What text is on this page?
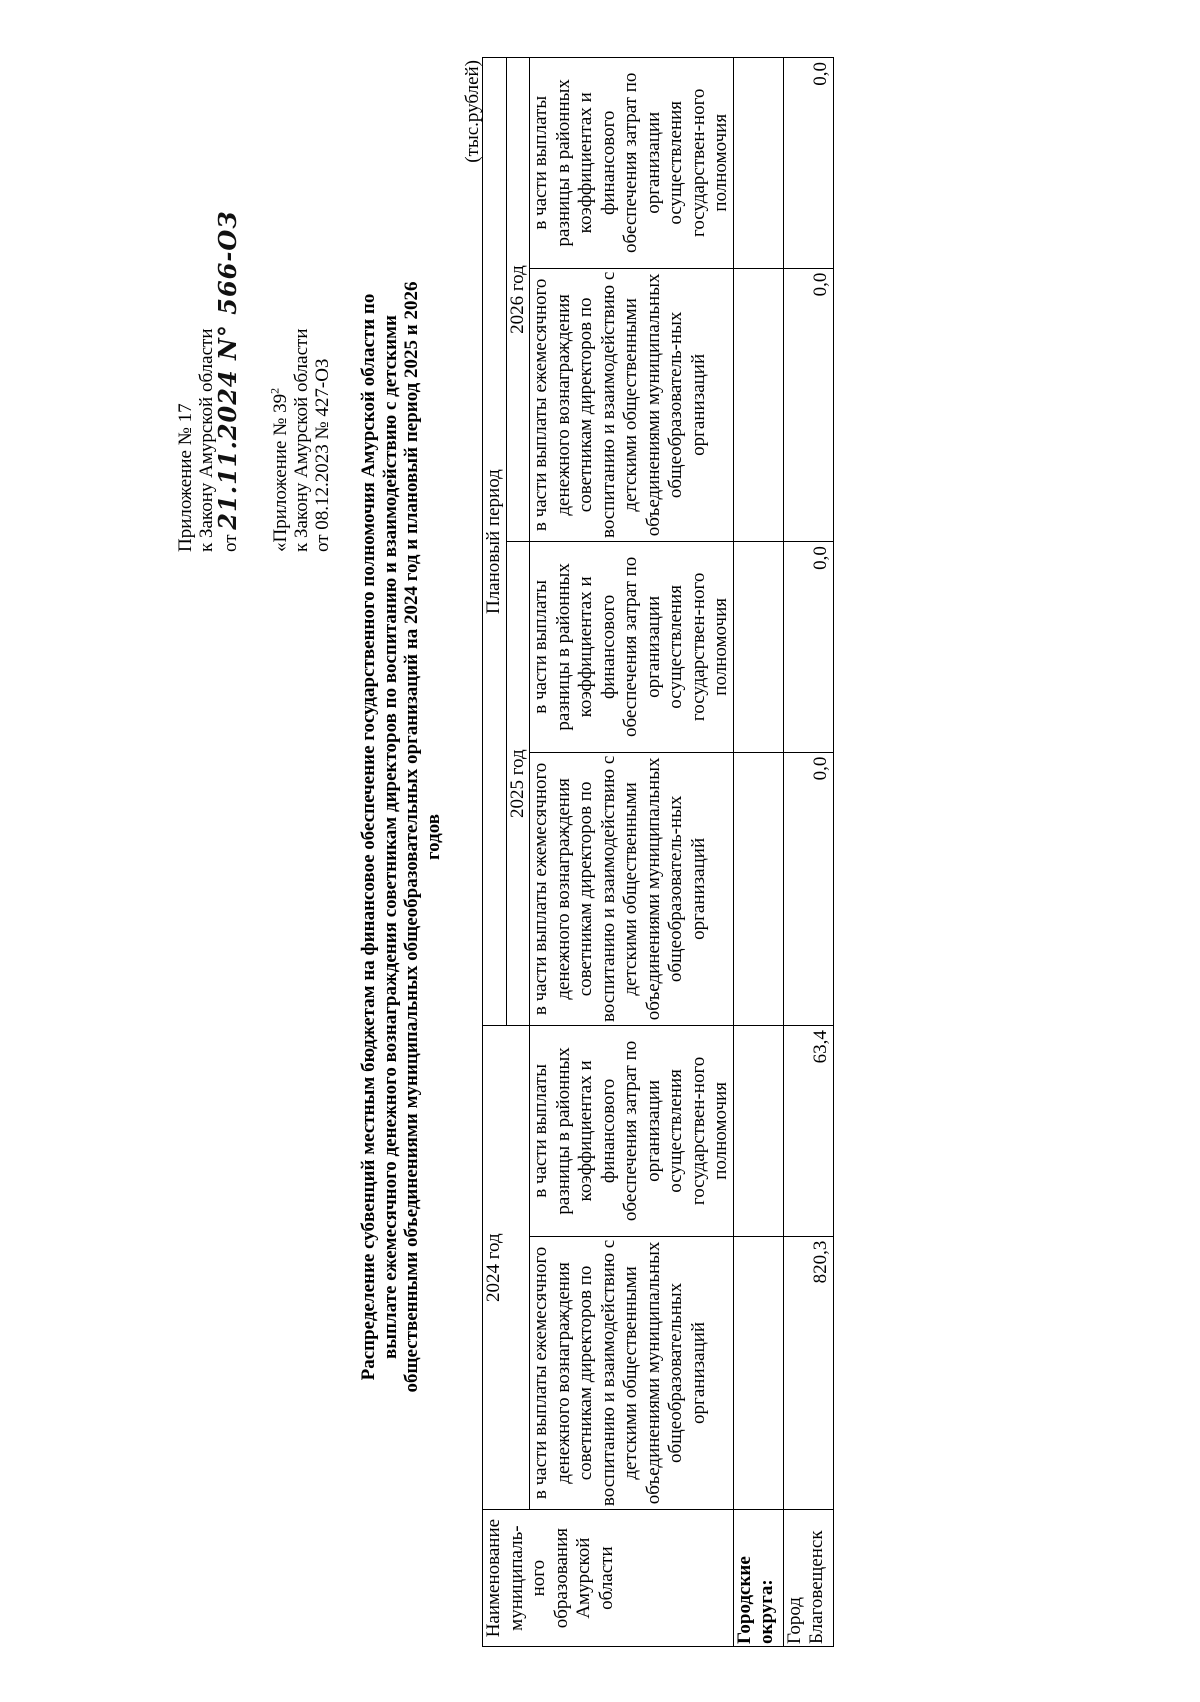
Приложение № 17 к Закону Амурской области от 21.11.2024 N° 566-ОЗ «Приложение № $39^2$ к Закону Амурской области от 08.12.2023 № 427-ОЗ Распределение субвенций местным бюджетам на финансовое обеспечение государственного полномочия Амурской области по выплате ежемесячного денежного вознаграждения советникам директоров по воспитанию и взаимодействию с детскими общественными объединениями муниципальных общеобразовательных организаций на 2024 год и плановый период 2025 и 2026 годов
(тыс.рублей)
Наименование муниципаль-ного образования Амурской области	2024 год		Плановый период			
			2025 год		2026 год	
	в части выплаты ежемесячного денежного вознаграждения советникам директоров по воспитанию и взаимодействию с детскими общественными объединениями муниципальных общеобразовательных организаций	в части выплаты разницы в районных коэффициентах и финансового обеспечения затрат по организации осуществления государствен-ного полномочия	в части выплаты ежемесячного денежного вознаграждения советникам директоров по воспитанию и взаимодействию с детскими общественными объединениями муниципальных общеобразователь-ных организаций	в части выплаты разницы в районных коэффициентах и финансового обеспечения затрат по организации осуществления государствен-ного полномочия	в части выплаты ежемесячного денежного вознаграждения советникам директоров по воспитанию и взаимодействию с детскими общественными объединениями муниципальных общеобразователь-ных организаций	в части выплаты разницы в районных коэффициентах и финансового обеспечения затрат по организации осуществления государствен-ного полномочия
Городские округа:						
Город Благовещенск	820,3	63,4	0,0	0,0	0,0	0,0
